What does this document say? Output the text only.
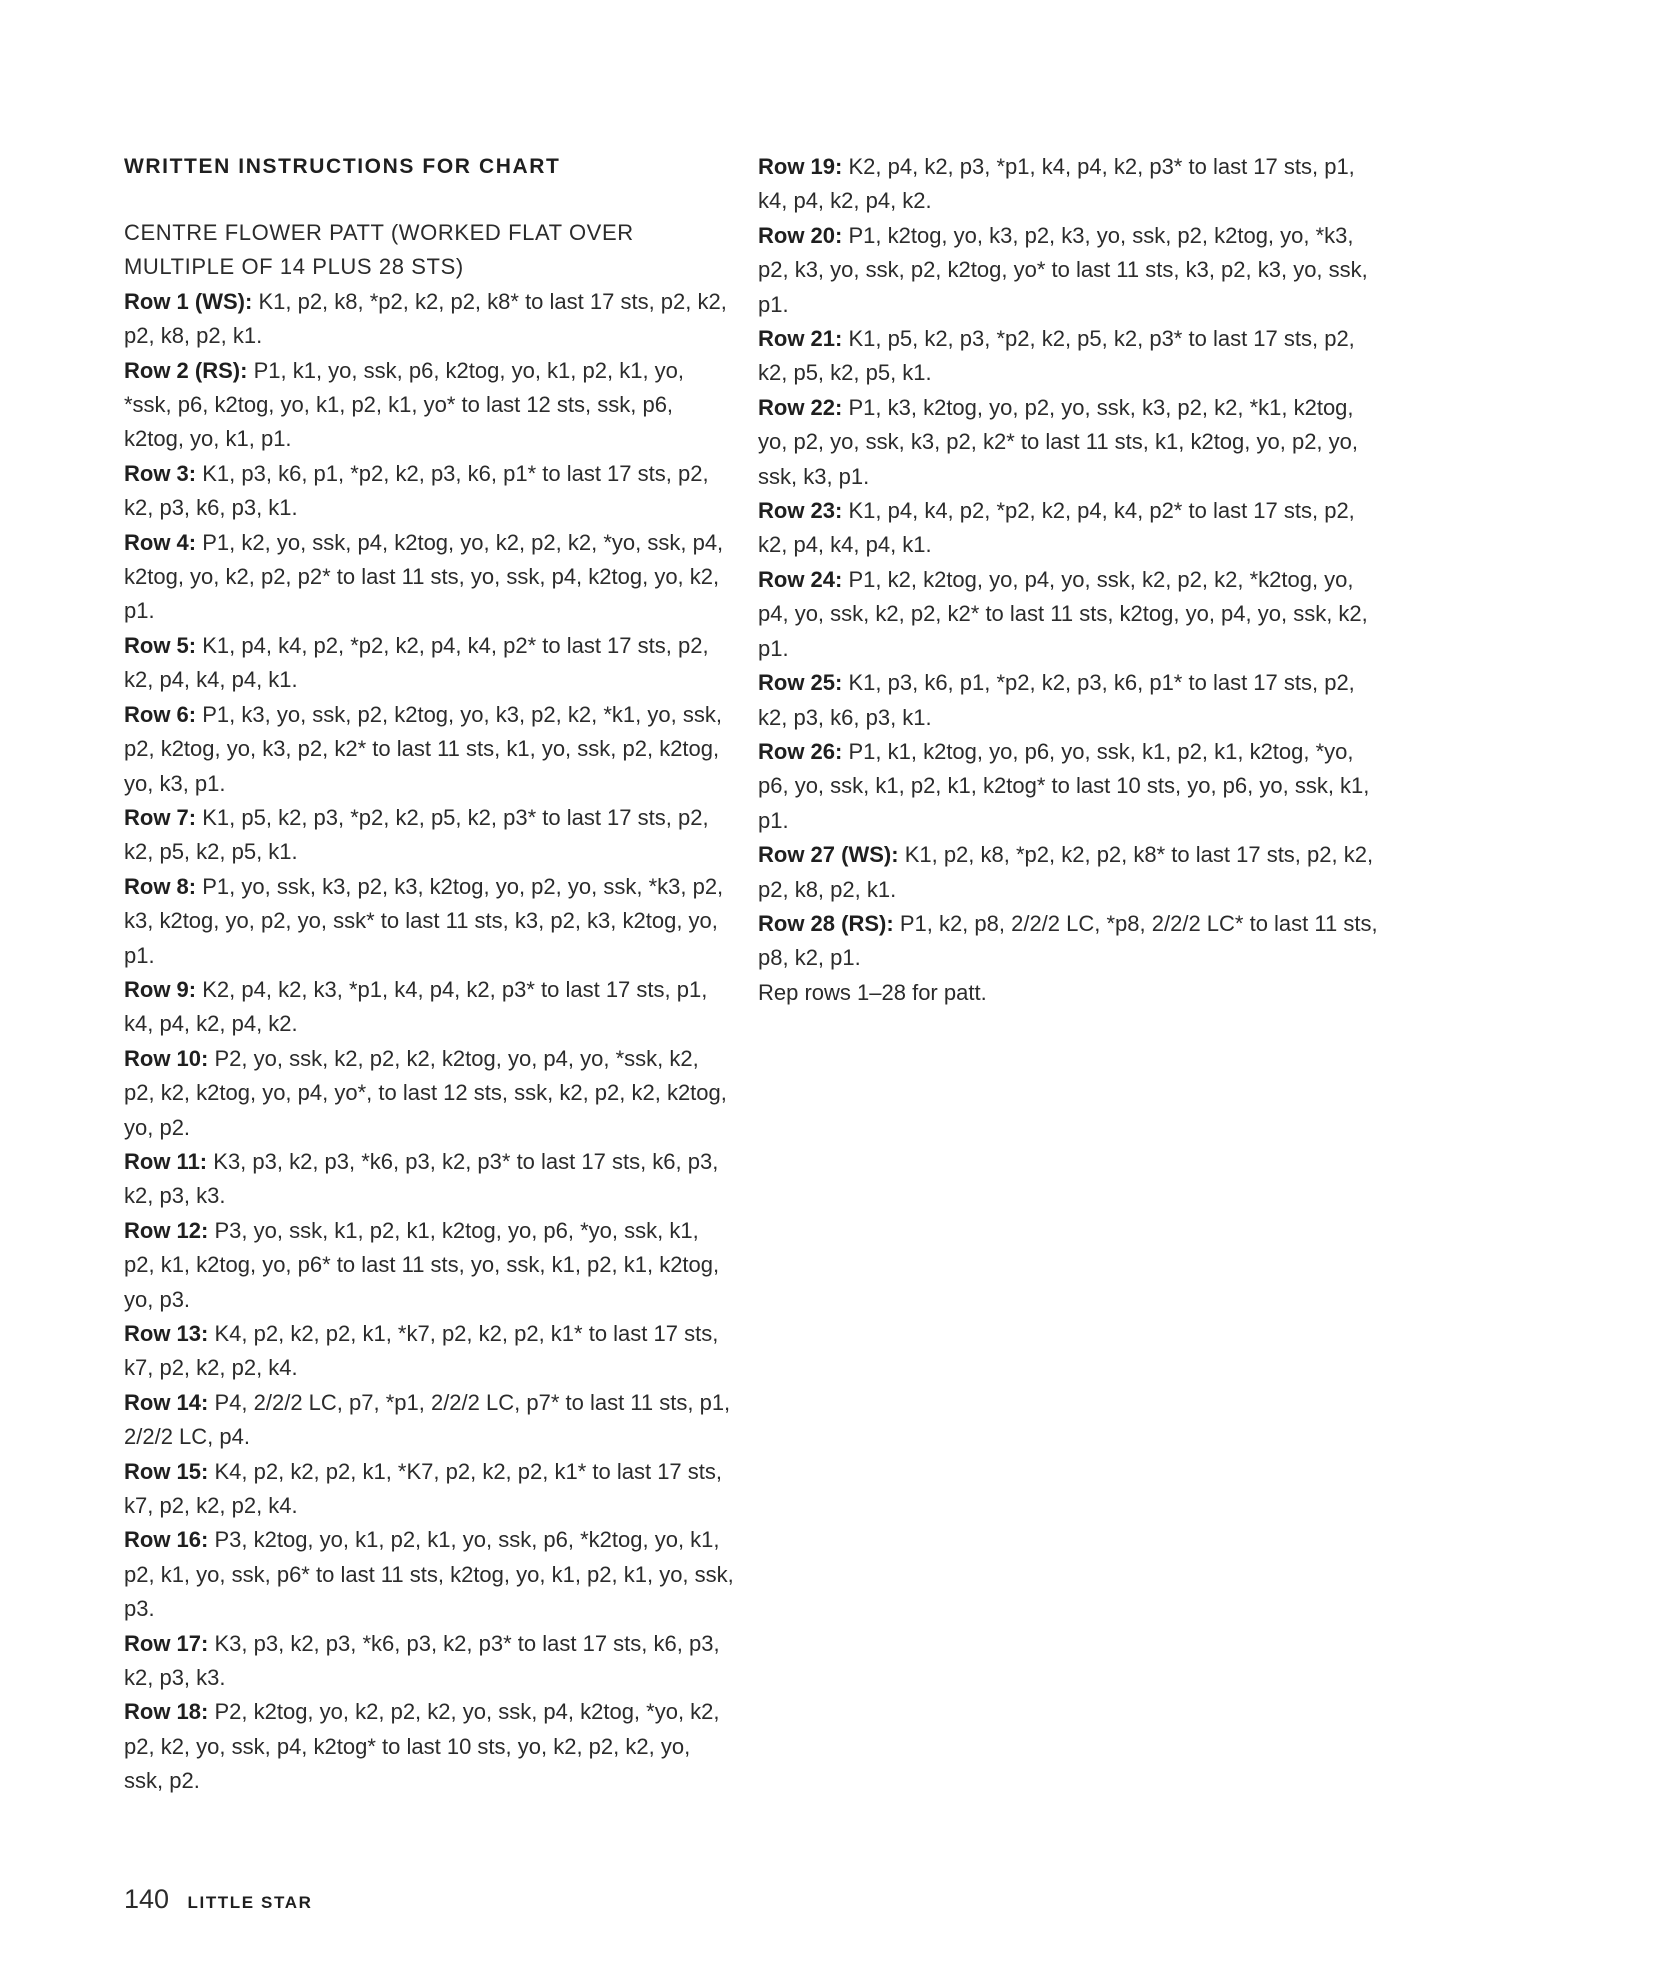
WRITTEN INSTRUCTIONS FOR CHART

CENTRE FLOWER PATT (WORKED FLAT OVER

MULTIPLE OF 14 PLUS 28 STS)

Row 1 (WS): K1, p2, k8, *p2, k2, p2, k8* to last 17 sts, p2, k2, p2, k8, p2, k1.

Row 2 (RS): P1, k1, yo, ssk, p6, k2tog, yo, k1, p2, k1, yo, *ssk, p6, k2tog, yo, k1, p2, k1, yo* to last 12 sts, ssk, p6, k2tog, yo, k1, p1.

Row 3: K1, p3, k6, p1, *p2, k2, p3, k6, p1* to last 17 sts, p2, k2, p3, k6, p3, k1.

Row 4: P1, k2, yo, ssk, p4, k2tog, yo, k2, p2, k2, *yo, ssk, p4, k2tog, yo, k2, p2, p2* to last 11 sts, yo, ssk, p4, k2tog, yo, k2, p1.

Row 5: K1, p4, k4, p2, *p2, k2, p4, k4, p2* to last 17 sts, p2, k2, p4, k4, p4, k1.

Row 6: P1, k3, yo, ssk, p2, k2tog, yo, k3, p2, k2, *k1, yo, ssk, p2, k2tog, yo, k3, p2, k2* to last 11 sts, k1, yo, ssk, p2, k2tog, yo, k3, p1.

Row 7: K1, p5, k2, p3, *p2, k2, p5, k2, p3* to last 17 sts, p2, k2, p5, k2, p5, k1.

Row 8: P1, yo, ssk, k3, p2, k3, k2tog, yo, p2, yo, ssk, *k3, p2, k3, k2tog, yo, p2, yo, ssk* to last 11 sts, k3, p2, k3, k2tog, yo, p1.

Row 9: K2, p4, k2, k3, *p1, k4, p4, k2, p3* to last 17 sts, p1, k4, p4, k2, p4, k2.

Row 10: P2, yo, ssk, k2, p2, k2, k2tog, yo, p4, yo, *ssk, k2, p2, k2, k2tog, yo, p4, yo*, to last 12 sts, ssk, k2, p2, k2, k2tog, yo, p2.

Row 11: K3, p3, k2, p3, *k6, p3, k2, p3* to last 17 sts, k6, p3, k2, p3, k3.

Row 12: P3, yo, ssk, k1, p2, k1, k2tog, yo, p6, *yo, ssk, k1, p2, k1, k2tog, yo, p6* to last 11 sts, yo, ssk, k1, p2, k1, k2tog, yo, p3.

Row 13: K4, p2, k2, p2, k1, *k7, p2, k2, p2, k1* to last 17 sts, k7, p2, k2, p2, k4.

Row 14: P4, 2/2/2 LC, p7, *p1, 2/2/2 LC, p7* to last 11 sts, p1, 2/2/2 LC, p4.

Row 15: K4, p2, k2, p2, k1, *K7, p2, k2, p2, k1* to last 17 sts, k7, p2, k2, p2, k4.

Row 16: P3, k2tog, yo, k1, p2, k1, yo, ssk, p6, *k2tog, yo, k1, p2, k1, yo, ssk, p6* to last 11 sts, k2tog, yo, k1, p2, k1, yo, ssk, p3.

Row 17: K3, p3, k2, p3, *k6, p3, k2, p3* to last 17 sts, k6, p3, k2, p3, k3.

Row 18: P2, k2tog, yo, k2, p2, k2, yo, ssk, p4, k2tog, *yo, k2, p2, k2, yo, ssk, p4, k2tog* to last 10 sts, yo, k2, p2, k2, yo, ssk, p2.

Row 19: K2, p4, k2, p3, *p1, k4, p4, k2, p3* to last 17 sts, p1, k4, p4, k2, p4, k2.

Row 20: P1, k2tog, yo, k3, p2, k3, yo, ssk, p2, k2tog, yo, *k3, p2, k3, yo, ssk, p2, k2tog, yo* to last 11 sts, k3, p2, k3, yo, ssk, p1.

Row 21: K1, p5, k2, p3, *p2, k2, p5, k2, p3* to last 17 sts, p2, k2, p5, k2, p5, k1.

Row 22: P1, k3, k2tog, yo, p2, yo, ssk, k3, p2, k2, *k1, k2tog, yo, p2, yo, ssk, k3, p2, k2* to last 11 sts, k1, k2tog, yo, p2, yo, ssk, k3, p1.

Row 23: K1, p4, k4, p2, *p2, k2, p4, k4, p2* to last 17 sts, p2, k2, p4, k4, p4, k1.

Row 24: P1, k2, k2tog, yo, p4, yo, ssk, k2, p2, k2, *k2tog, yo, p4, yo, ssk, k2, p2, k2* to last 11 sts, k2tog, yo, p4, yo, ssk, k2, p1.

Row 25: K1, p3, k6, p1, *p2, k2, p3, k6, p1* to last 17 sts, p2, k2, p3, k6, p3, k1.

Row 26: P1, k1, k2tog, yo, p6, yo, ssk, k1, p2, k1, k2tog, *yo, p6, yo, ssk, k1, p2, k1, k2tog* to last 10 sts, yo, p6, yo, ssk, k1, p1.

Row 27 (WS): K1, p2, k8, *p2, k2, p2, k8* to last 17 sts, p2, k2, p2, k8, p2, k1.

Row 28 (RS): P1, k2, p8, 2/2/2 LC, *p8, 2/2/2 LC* to last 11 sts, p8, k2, p1.

Rep rows 1–28 for patt.

140 LITTLE STAR
